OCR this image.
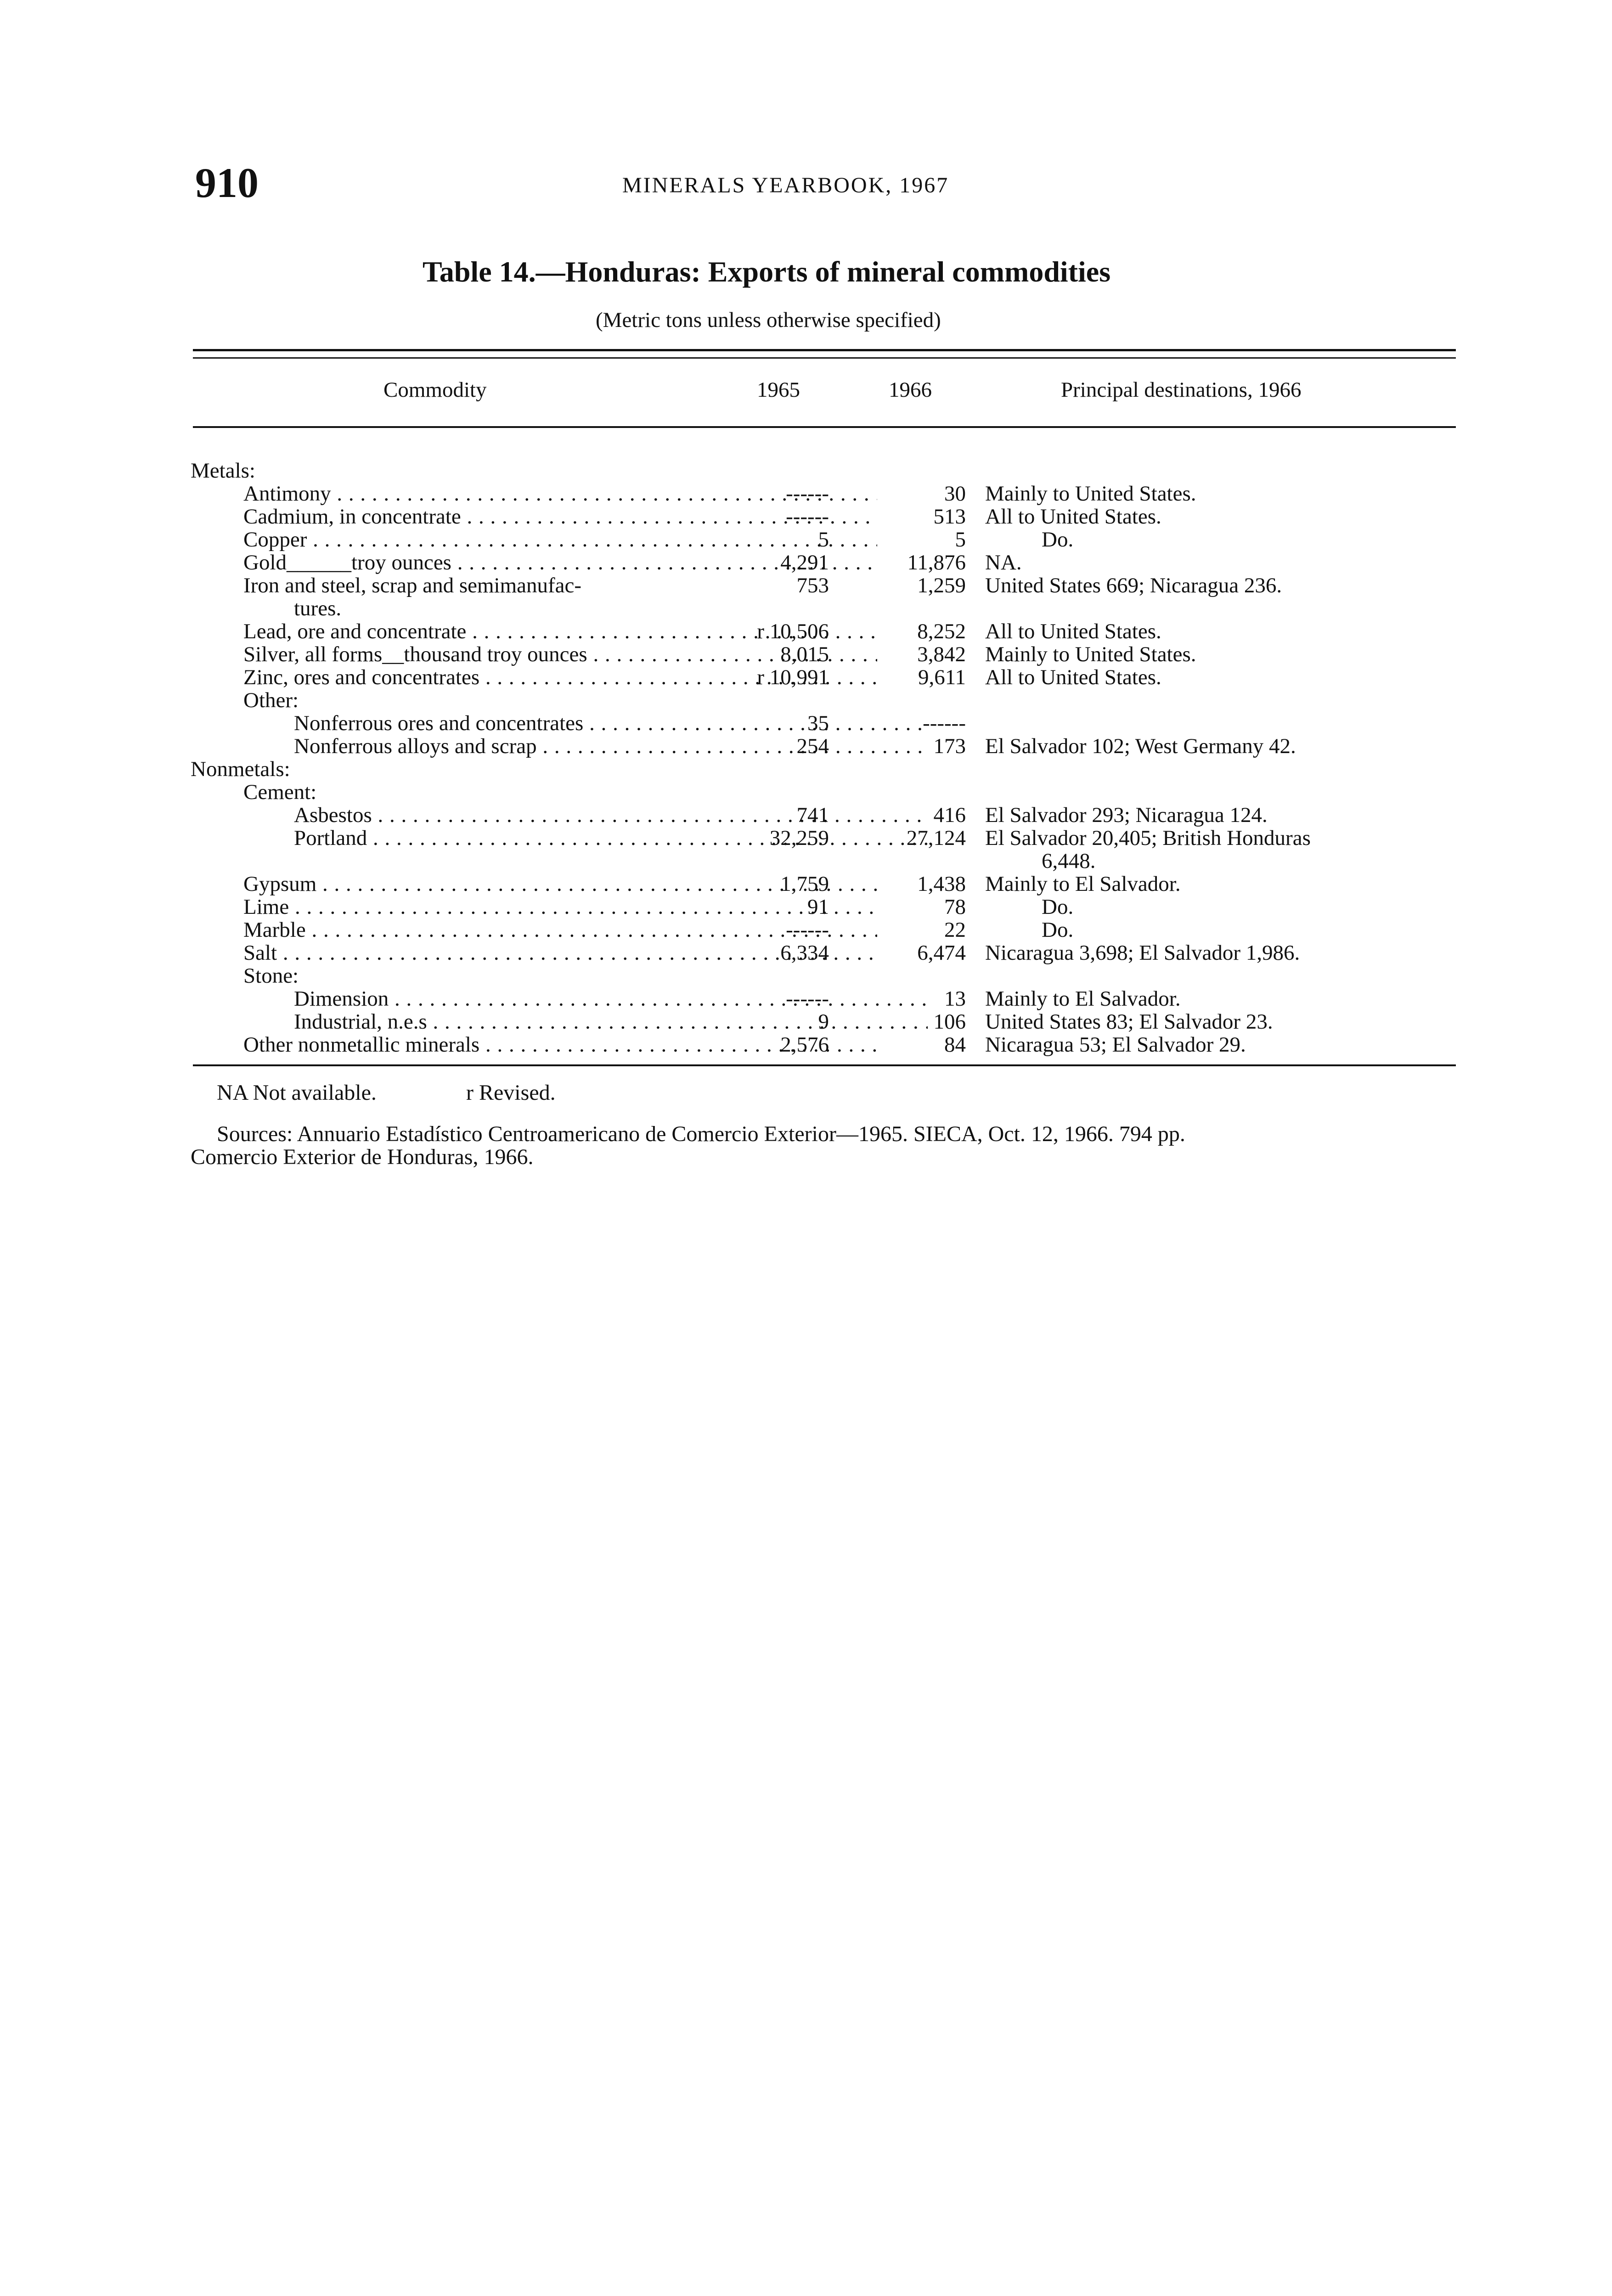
910	MINERALS YEARBOOK, 1967
Table 14.—Honduras: Exports of mineral commodities
(Metric tons unless otherwise specified)
Commodity	1965	1966	Principal destinations, 1966
Metals:
Antimony . . .	------	30 Mainly to United States.
Cadmium, in concentrate . . .	------	513 All to United States.
Copper . . .	5	5	Do.
Gold______troy ounces . . .	4,291	11,876 NA.
Iron and steel, scrap and semimanufac-	753	1,259 United States 669; Nicaragua 236.
tures.
Lead, ore and concentrate . . .	r 10,506	8,252 All to United States.
Silver, all forms__thousand troy ounces . . .	8,015	3,842 Mainly to United States.
Zinc, ores and concentrates . . .	r 10,991	9,611 All to United States.
Other:
Nonferrous ores and concentrates . . .	35	------
Nonferrous alloys and scrap . . .	254	173 El Salvador 102; West Germany 42.
Nonmetals:
Cement:
Asbestos . . .	741	416 El Salvador 293; Nicaragua 124.
Portland . . .	32,259	27,124 El Salvador 20,405; British Honduras
6,448.
Gypsum . . .	1,759	1,438 Mainly to El Salvador.
Lime . . .	91	78	Do.
Marble . . .	------	22	Do.
Salt . . .	6,334	6,474 Nicaragua 3,698; El Salvador 1,986.
Stone:
Dimension . . .	------	13 Mainly to El Salvador.
Industrial, n.e.s . . .	9	106 United States 83; El Salvador 23.
Other nonmetallic minerals . . .	2,576	84 Nicaragua 53; El Salvador 29.
NA Not available.	r Revised.
Sources: Annuario Estadístico Centroamericano de Comercio Exterior—1965. SIECA, Oct. 12, 1966. 794 pp.
Comercio Exterior de Honduras, 1966.
